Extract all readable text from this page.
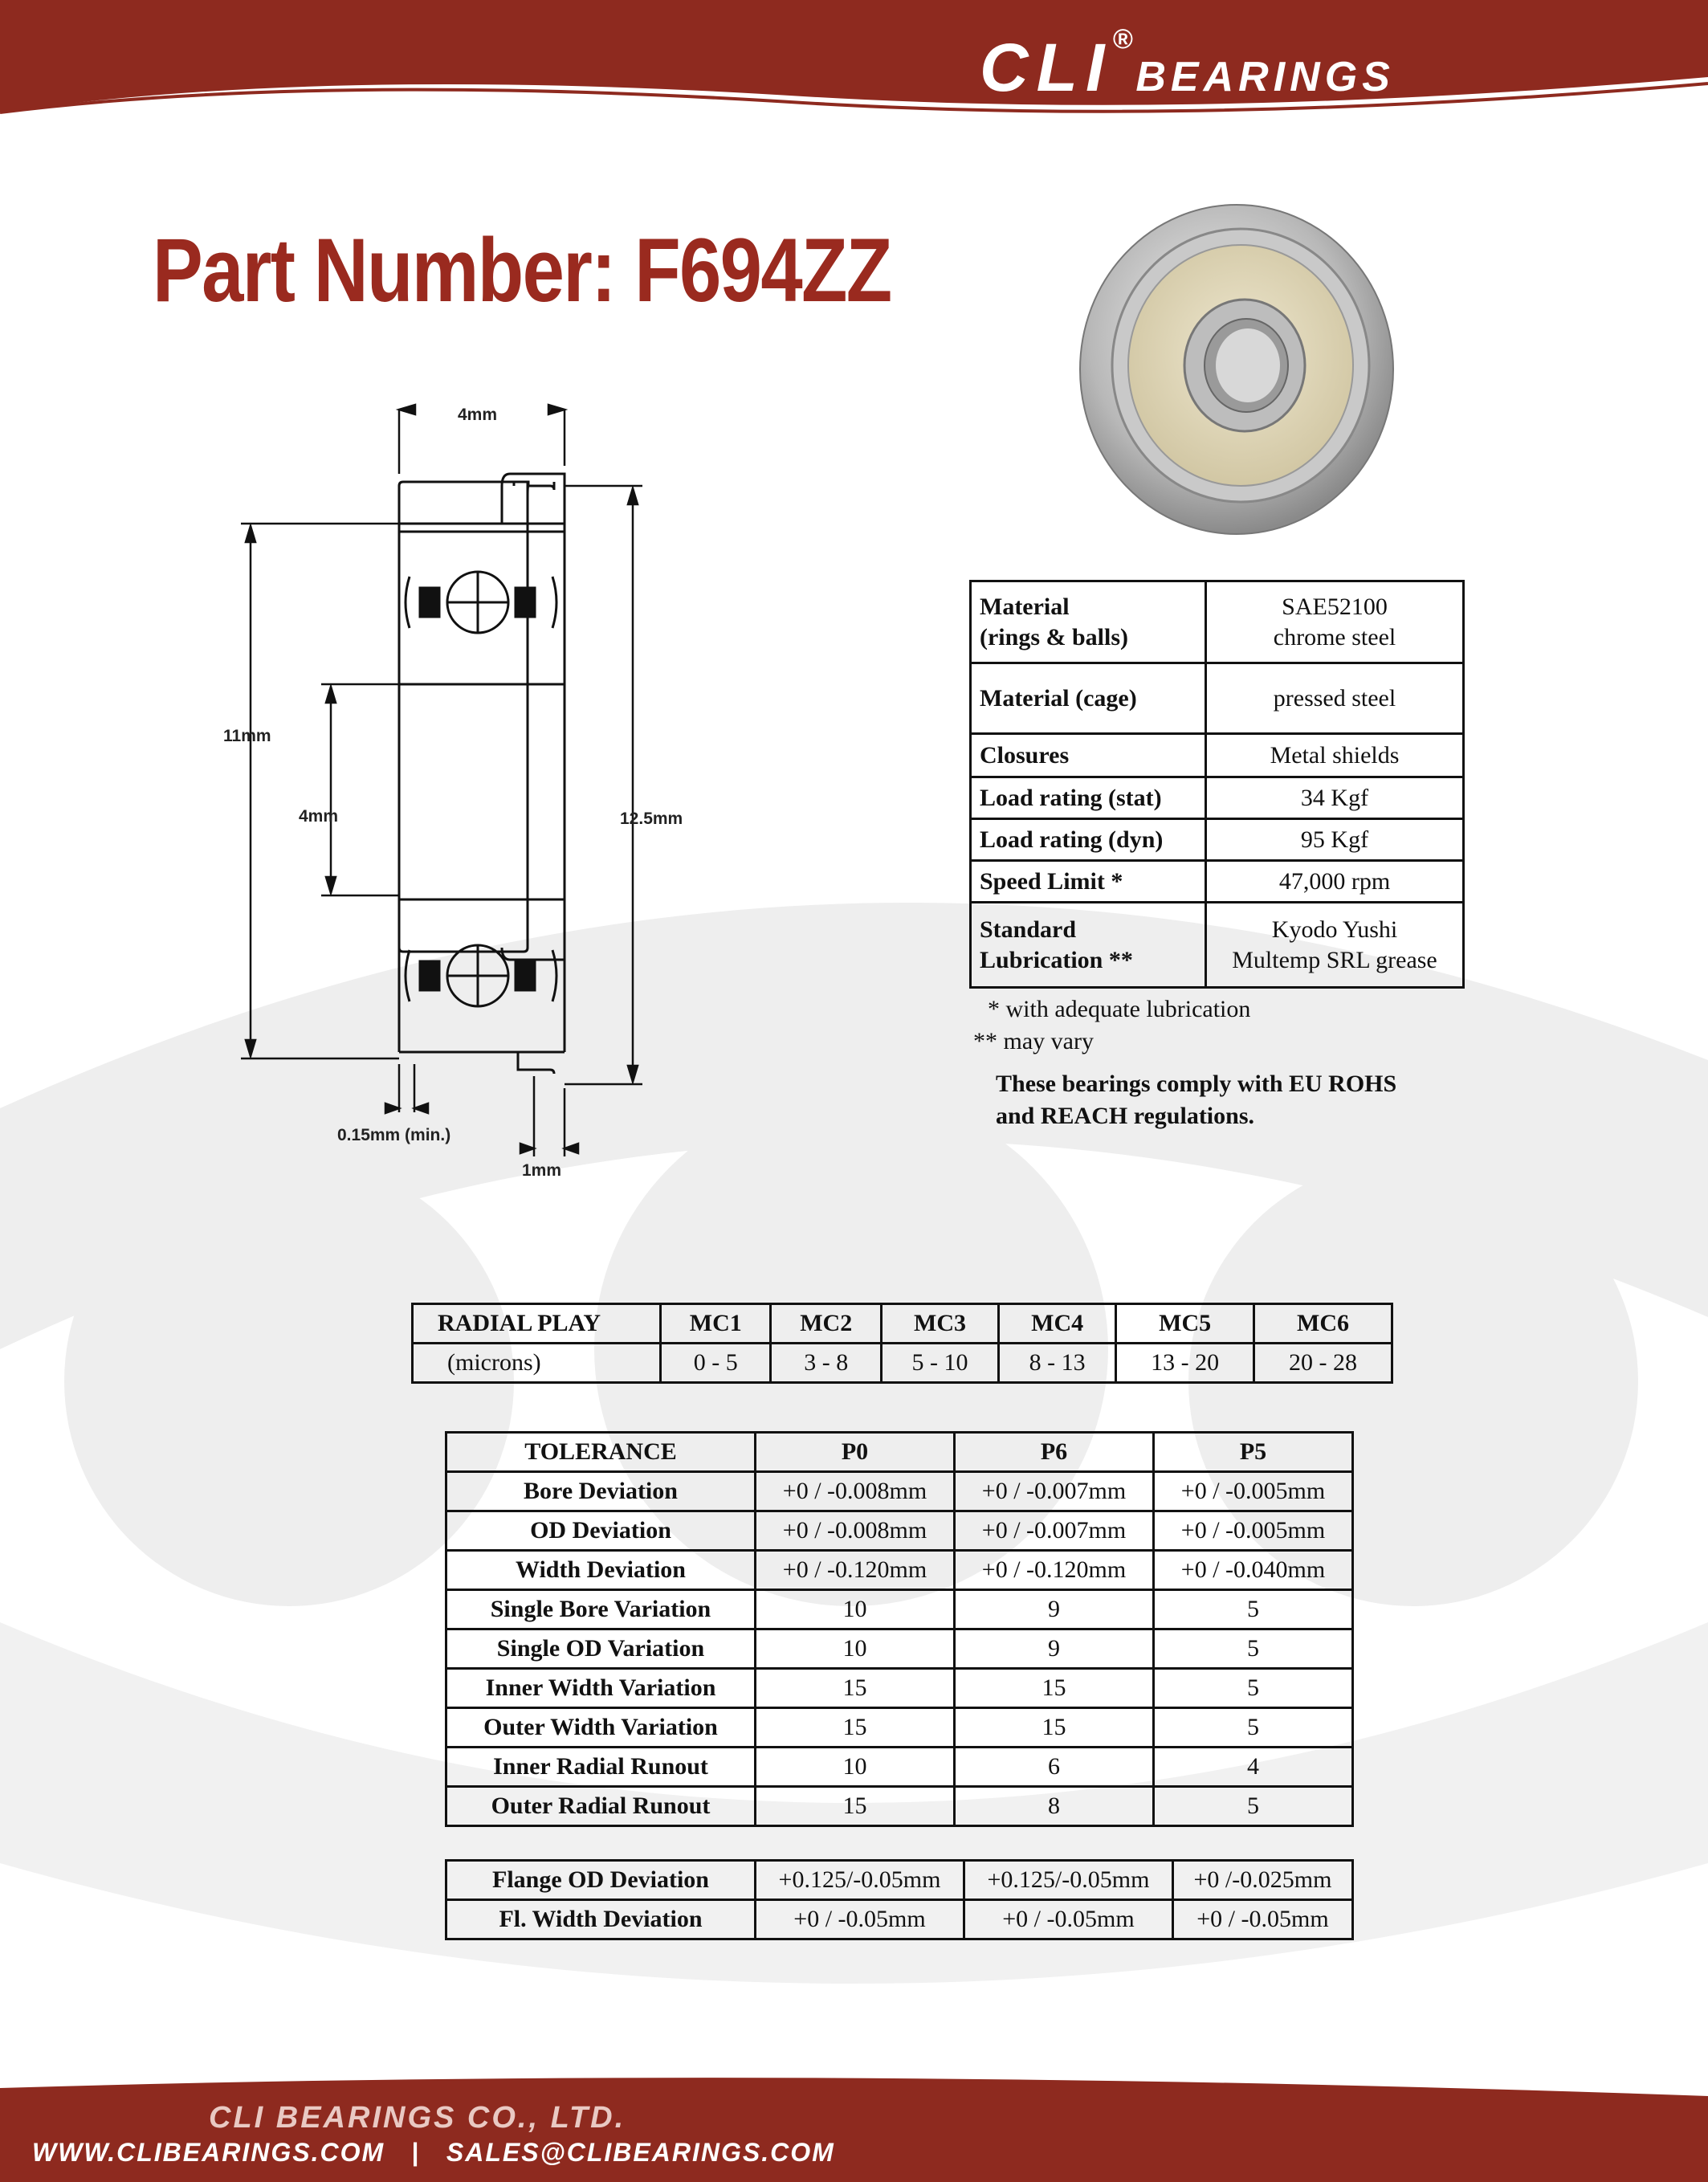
CLI®BEARINGS
Part Number: F694ZZ
4mm
11mm
4mm	12.5mm
0.15mm (min.)
1mm
Material
(rings & balls)	SAE52100
chrome steel
Material (cage)	pressed steel
Closures	Metal shields
Load rating (stat)	34 Kgf
Load rating (dyn)	95 Kgf
Speed Limit *	47,000 rpm
Standard
Lubrication **	Kyodo Yushi
Multemp SRL grease
* with adequate lubrication
** may vary
These bearings comply with EU ROHS
and REACH regulations.
RADIAL PLAY	MC1	MC2	MC3	MC4	MC5	MC6
(microns)	0 - 5	3 - 8	5 - 10	8 - 13	13 - 20	20 - 28
TOLERANCE	P0	P6	P5
Bore Deviation	+0 / -0.008mm	+0 / -0.007mm	+0 / -0.005mm
OD Deviation	+0 / -0.008mm	+0 / -0.007mm	+0 / -0.005mm
Width Deviation	+0 / -0.120mm	+0 / -0.120mm	+0 / -0.040mm
Single Bore Variation	10	9	5
Single OD Variation	10	9	5
Inner Width Variation	15	15	5
Outer Width Variation	15	15	5
Inner Radial Runout	10	6	4
Outer Radial Runout	15	8	5
Flange OD Deviation	+0.125/-0.05mm	+0.125/-0.05mm	+0 /-0.025mm
Fl. Width Deviation	+0 / -0.05mm	+0 / -0.05mm	+0 / -0.05mm
CLI BEARINGS CO., LTD.
WWW.CLIBEARINGS.COM | SALES@CLIBEARINGS.COM
